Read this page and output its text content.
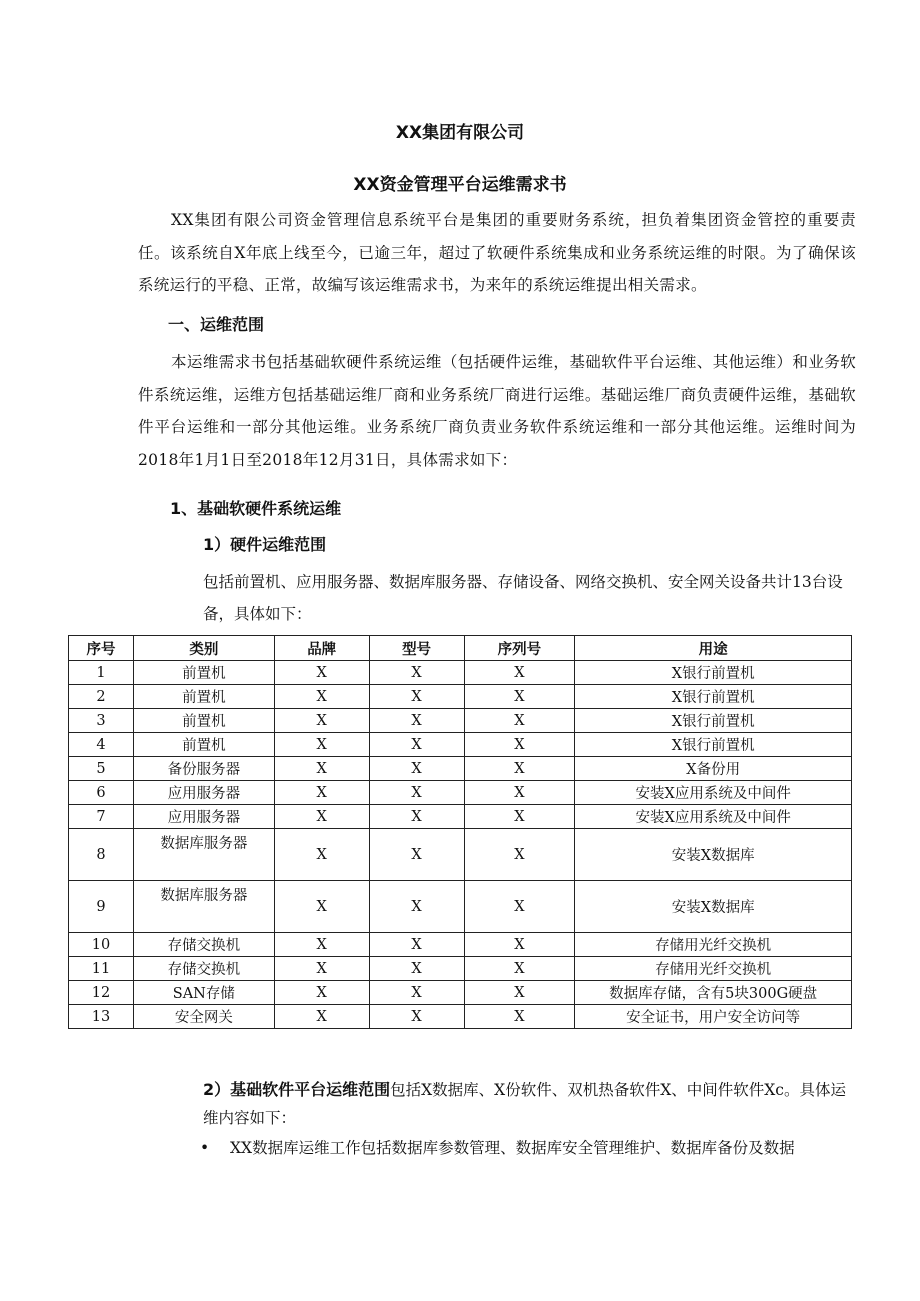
XX集团有限公司
XX资金管理平台运维需求书
XX集团有限公司资金管理信息系统平台是集团的重要财务系统，担负着集团资金管控的重要责任。该系统自X年底上线至今，已逾三年，超过了软硬件系统集成和业务系统运维的时限。为了确保该系统运行的平稳、正常，故编写该运维需求书，为来年的系统运维提出相关需求。
一、运维范围
本运维需求书包括基础软硬件系统运维（包括硬件运维，基础软件平台运维、其他运维）和业务软件系统运维，运维方包括基础运维厂商和业务系统厂商进行运维。基础运维厂商负责硬件运维，基础软件平台运维和一部分其他运维。业务系统厂商负责业务软件系统运维和一部分其他运维。运维时间为2018年1月1日至2018年12月31日，具体需求如下：
1、基础软硬件系统运维
1）硬件运维范围
包括前置机、应用服务器、数据库服务器、存储设备、网络交换机、安全网关设备共计13台设备，具体如下：
序号	类别	品牌	型号	序列号	用途
1	前置机	X	X	X	X银行前置机
2	前置机	X	X	X	X银行前置机
3	前置机	X	X	X	X银行前置机
4	前置机	X	X	X	X银行前置机
5	备份服务器	X	X	X	X备份用
6	应用服务器	X	X	X	安装X应用系统及中间件
7	应用服务器	X	X	X	安装X应用系统及中间件
8	数据库服务器	X	X	X	安装X数据库
9	数据库服务器	X	X	X	安装X数据库
10	存储交换机	X	X	X	存储用光纤交换机
11	存储交换机	X	X	X	存储用光纤交换机
12	SAN存储	X	X	X	数据库存储，含有5块300G硬盘
13	安全网关	X	X	X	安全证书，用户安全访问等
2）基础软件平台运维范围包括X数据库、X份软件、双机热备软件X、中间件软件Xc。具体运维内容如下：
• XX数据库运维工作包括数据库参数管理、数据库安全管理维护、数据库备份及数据
